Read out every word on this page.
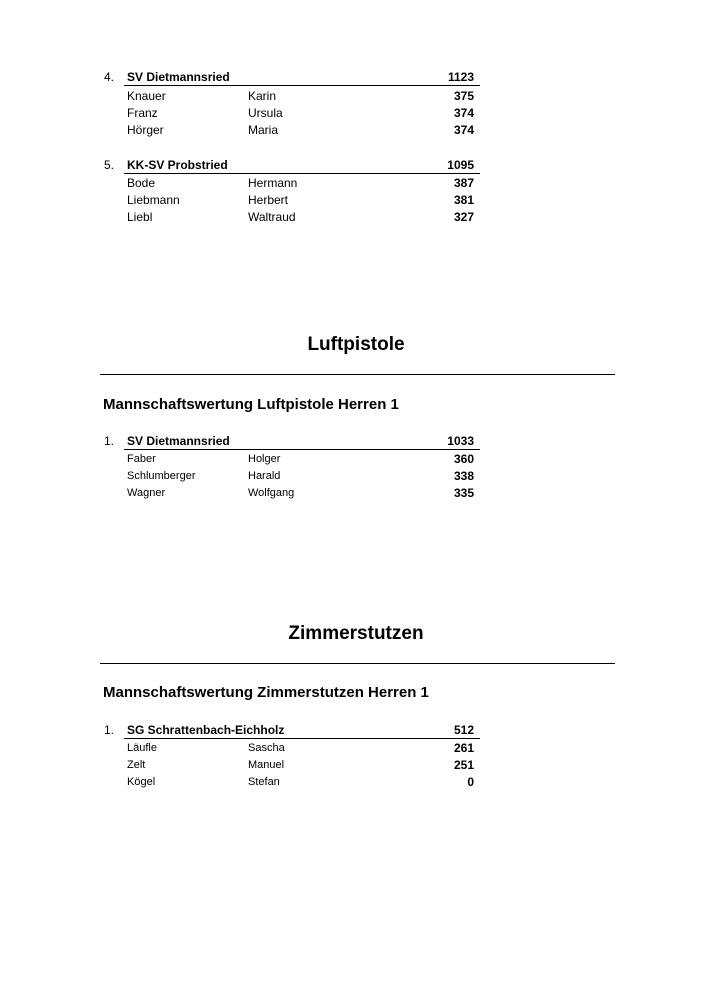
4. SV Dietmannsried	1123
Knauer	Karin	375
Franz	Ursula	374
Hörger	Maria	374
5. KK-SV Probstried	1095
Bode	Hermann	387
Liebmann	Herbert	381
Liebl	Waltraud	327
Luftpistole
Mannschaftswertung Luftpistole Herren 1
1. SV Dietmannsried	1033
Faber	Holger	360
Schlumberger	Harald	338
Wagner	Wolfgang	335
Zimmerstutzen
Mannschaftswertung Zimmerstutzen Herren 1
1. SG Schrattenbach-Eichholz	512
Läufle	Sascha	261
Zelt	Manuel	251
Kögel	Stefan	0
